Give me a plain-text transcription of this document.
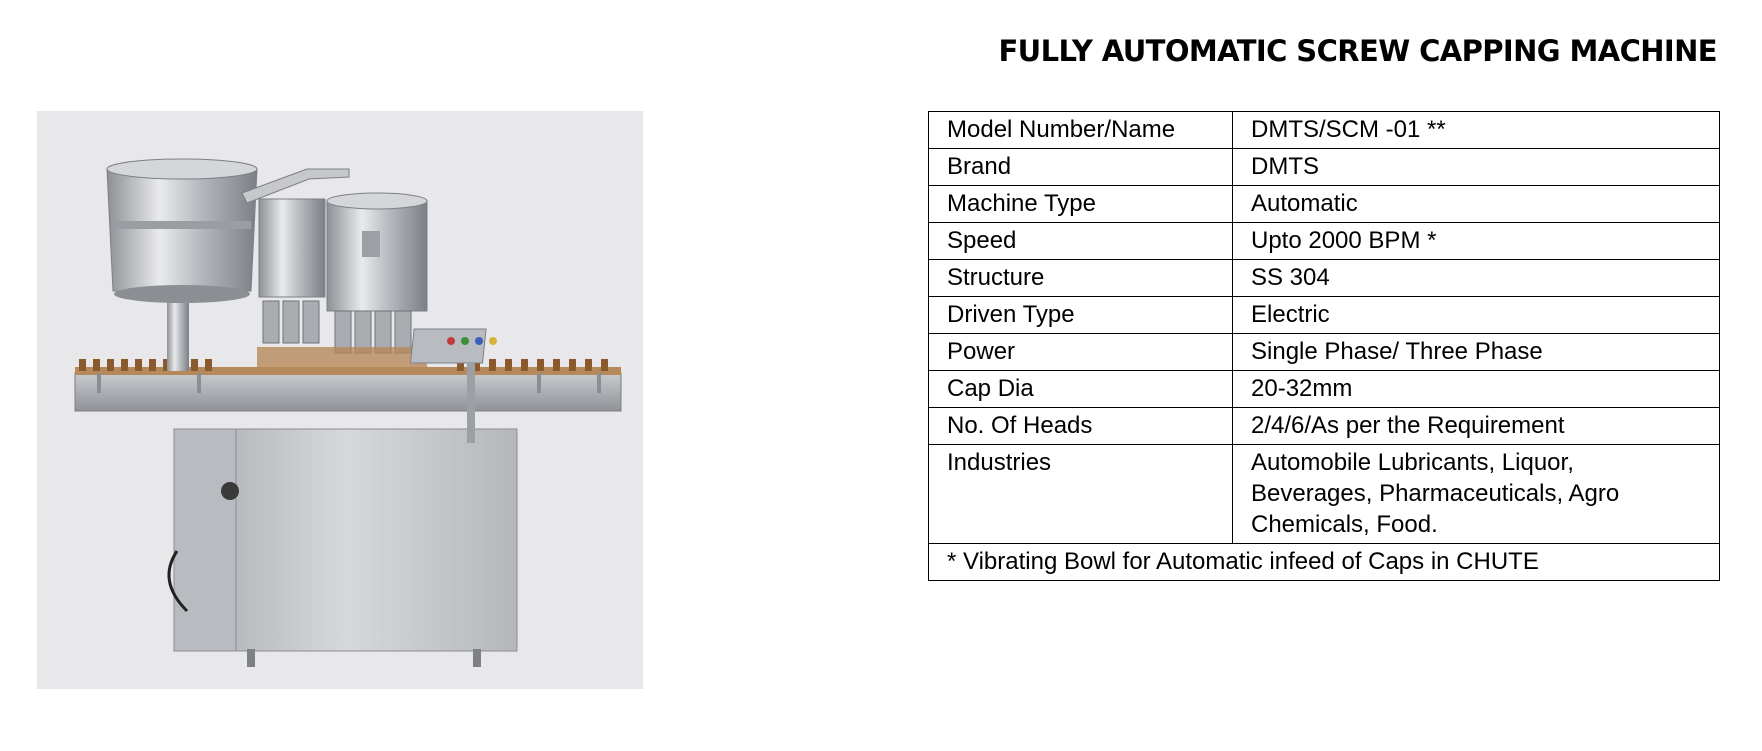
FULLY AUTOMATIC SCREW CAPPING MACHINE
Model Number/Name	DMTS/SCM -01 **
Brand	DMTS
Machine Type	Automatic
Speed	Upto 2000 BPM *
Structure	SS 304
Driven Type	Electric
Power	Single Phase/ Three Phase
Cap Dia	20-32mm
No. Of Heads	2/4/6/As per the Requirement
Industries	Automobile Lubricants, Liquor, Beverages, Pharmaceuticals, Agro Chemicals, Food.
* Vibrating Bowl for Automatic infeed of Caps in CHUTE	
